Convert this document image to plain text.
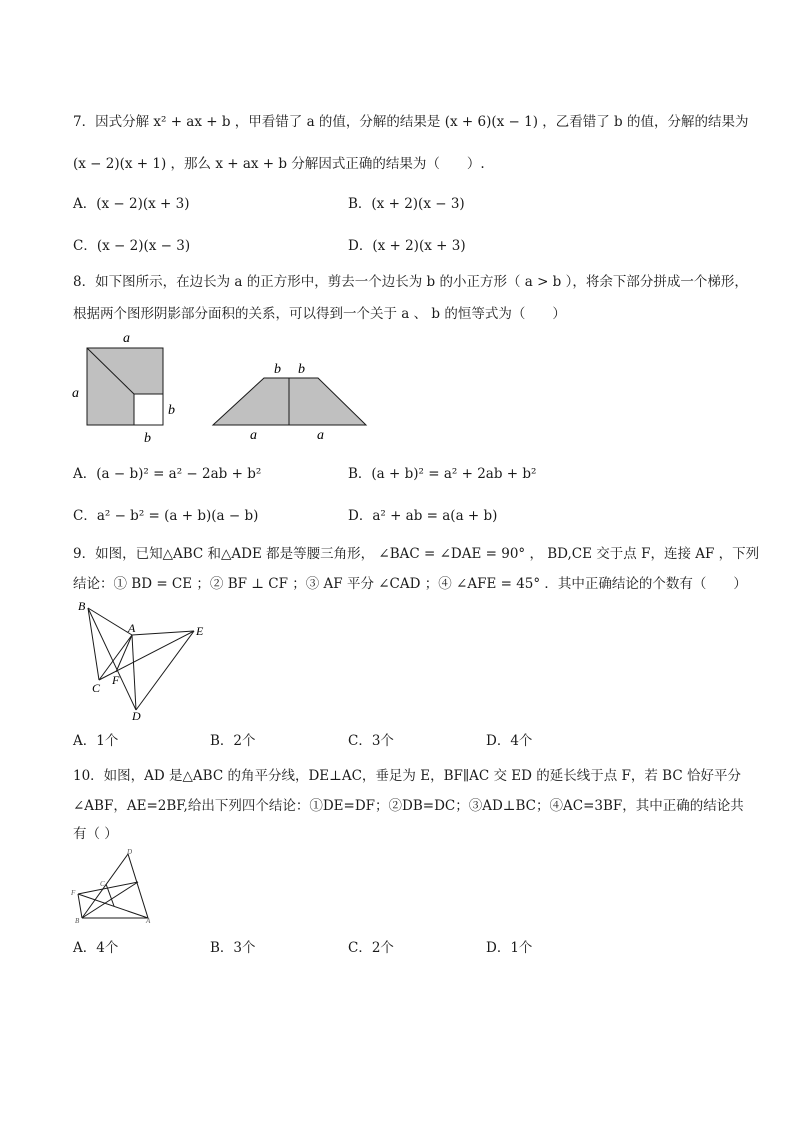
7．因式分解 x² + ax + b ，甲看错了 a 的值，分解的结果是 (x + 6)(x − 1) ，乙看错了 b 的值，分解的结果为
(x − 2)(x + 1) ，那么 x + ax + b 分解因式正确的结果为（　　）.
A．(x − 2)(x + 3)	B．(x + 2)(x − 3)
C．(x − 2)(x − 3)	D．(x + 2)(x + 3)
8．如下图所示，在边长为 a 的正方形中，剪去一个边长为 b 的小正方形（ a > b ），将余下部分拼成一个梯形，
根据两个图形阴影部分面积的关系，可以得到一个关于 a 、 b 的恒等式为（　　）
a
a
b
b
b b
a	a
A．(a − b)² = a² − 2ab + b²	B．(a + b)² = a² + 2ab + b²
C．a² − b² = (a + b)(a − b)	D．a² + ab = a(a + b)
9．如图，已知△ABC 和△ADE 都是等腰三角形， ∠BAC = ∠DAE = 90° ， BD,CE 交于点 F，连接 AF ，下列
结论：① BD = CE ；② BF ⊥ CF ；③ AF 平分 ∠CAD ；④ ∠AFE = 45° ．其中正确结论的个数有（　　）
B
A	E
C
F
D
A．1个	B．2个	C．3个	D．4个
10．如图，AD 是△ABC 的角平分线，DE⊥AC，垂足为 E，BF∥AC 交 ED 的延长线于点 F，若 BC 恰好平分
∠ABF，AE=2BF,给出下列四个结论：①DE=DF；②DB=DC；③AD⊥BC；④AC=3BF，其中正确的结论共
有（ ）
D
F
B	A
C
A．4个	B．3个	C．2个	D．1个
